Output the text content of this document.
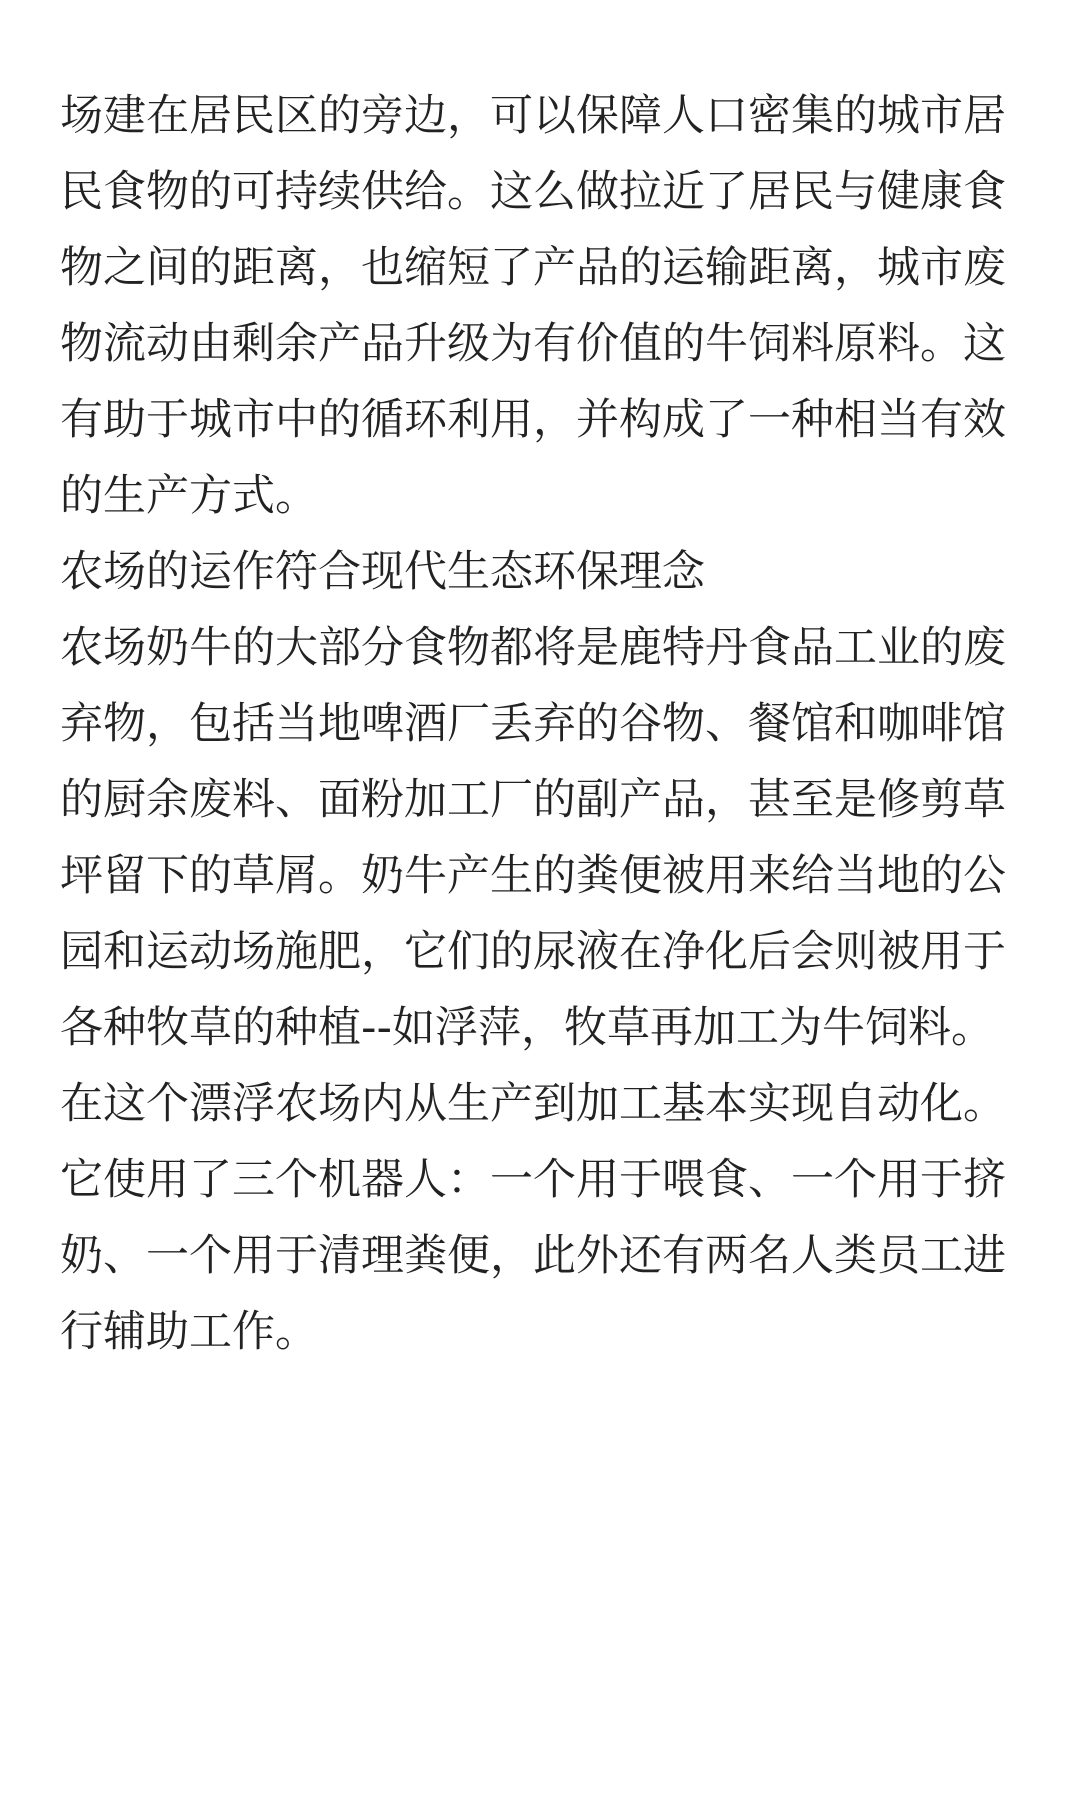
场建在居民区的旁边，可以保障人口密集的城市居
民食物的可持续供给。这么做拉近了居民与健康食
物之间的距离，也缩短了产品的运输距离，城市废
物流动由剩余产品升级为有价值的牛饲料原料。这
有助于城市中的循环利用，并构成了一种相当有效
的生产方式。

农场的运作符合现代生态环保理念

农场奶牛的大部分食物都将是鹿特丹食品工业的废
弃物，包括当地啤酒厂丢弃的谷物、餐馆和咖啡馆
的厨余废料、面粉加工厂的副产品，甚至是修剪草
坪留下的草屑。奶牛产生的粪便被用来给当地的公
园和运动场施肥，它们的尿液在净化后会则被用于
各种牧草的种植--如浮萍，牧草再加工为牛饲料。
在这个漂浮农场内从生产到加工基本实现自动化。
它使用了三个机器人：一个用于喂食、一个用于挤
奶、一个用于清理粪便，此外还有两名人类员工进
行辅助工作。
